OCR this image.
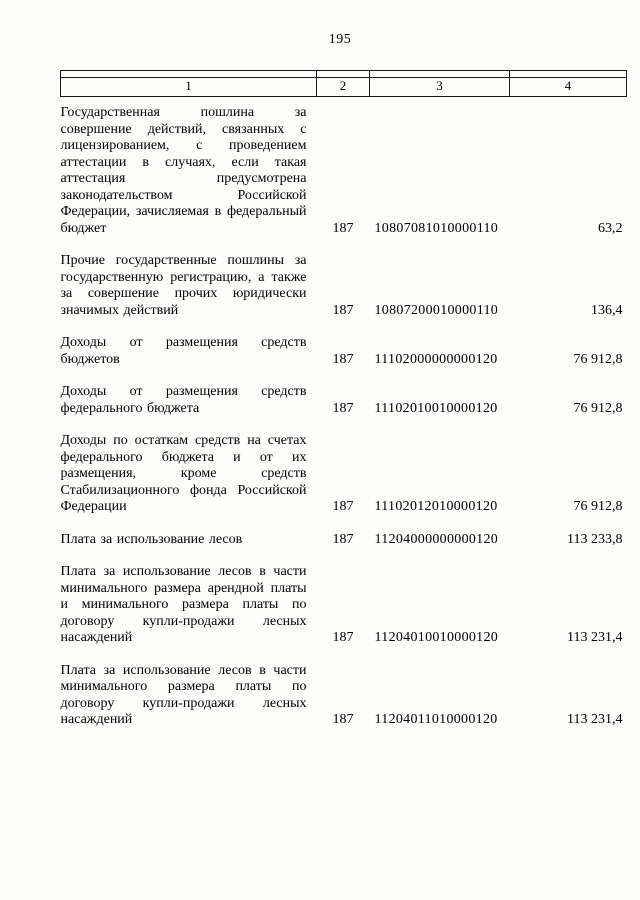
195

1	2	3	4
Государственная пошлина за совершение действий, связанных с лицензированием, с проведением аттестации в случаях, если такая аттестация предусмотрена законодательством Российской Федерации, зачисляемая в федеральный бюджет	187	10807081010000110	63,2
Прочие государственные пошлины за государственную регистрацию, а также за совершение прочих юридически значимых действий	187	10807200010000110	136,4
Доходы от размещения средств бюджетов	187	11102000000000120	76 912,8
Доходы от размещения средств федерального бюджета	187	11102010010000120	76 912,8
Доходы по остаткам средств на счетах федерального бюджета и от их размещения, кроме средств Стабилизационного фонда Российской Федерации	187	11102012010000120	76 912,8
Плата за использование лесов	187	11204000000000120	113 233,8
Плата за использование лесов в части минимального размера арендной платы и минимального размера платы по договору купли-продажи лесных насаждений	187	11204010010000120	113 231,4
Плата за использование лесов в части минимального размера платы по договору купли-продажи лесных насаждений	187	11204011010000120	113 231,4
